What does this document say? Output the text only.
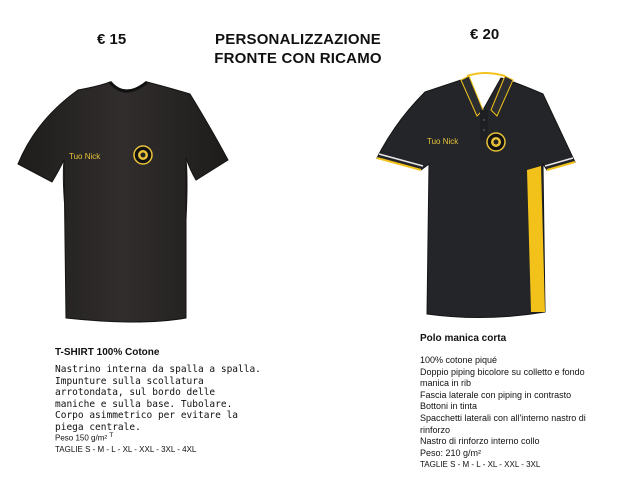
€ 15	PERSONALIZZAZIONE
FRONTE CON RICAMO
€ 20
Tuo Nick
Tuo Nick
T-SHIRT 100% Cotone
Nastrino interna da spalla a spalla.
Impunture sulla scollatura
arrotondata, sul bordo delle
maniche e sulla base. Tubolare.
Corpo asimmetrico per evitare la
piega centrale.
Peso 150 g/m² $^T$
TAGLIE S - M - L - XL - XXL - 3XL - 4XL
Polo manica corta
100% cotone piqué
Doppio piping bicolore su colletto e fondo
manica in rib
Fascia laterale con piping in contrasto
Bottoni in tinta
Spacchetti laterali con all'interno nastro di
rinforzo
Nastro di rinforzo interno collo
Peso: 210 g/m²
TAGLIE S - M - L - XL - XXL - 3XL
